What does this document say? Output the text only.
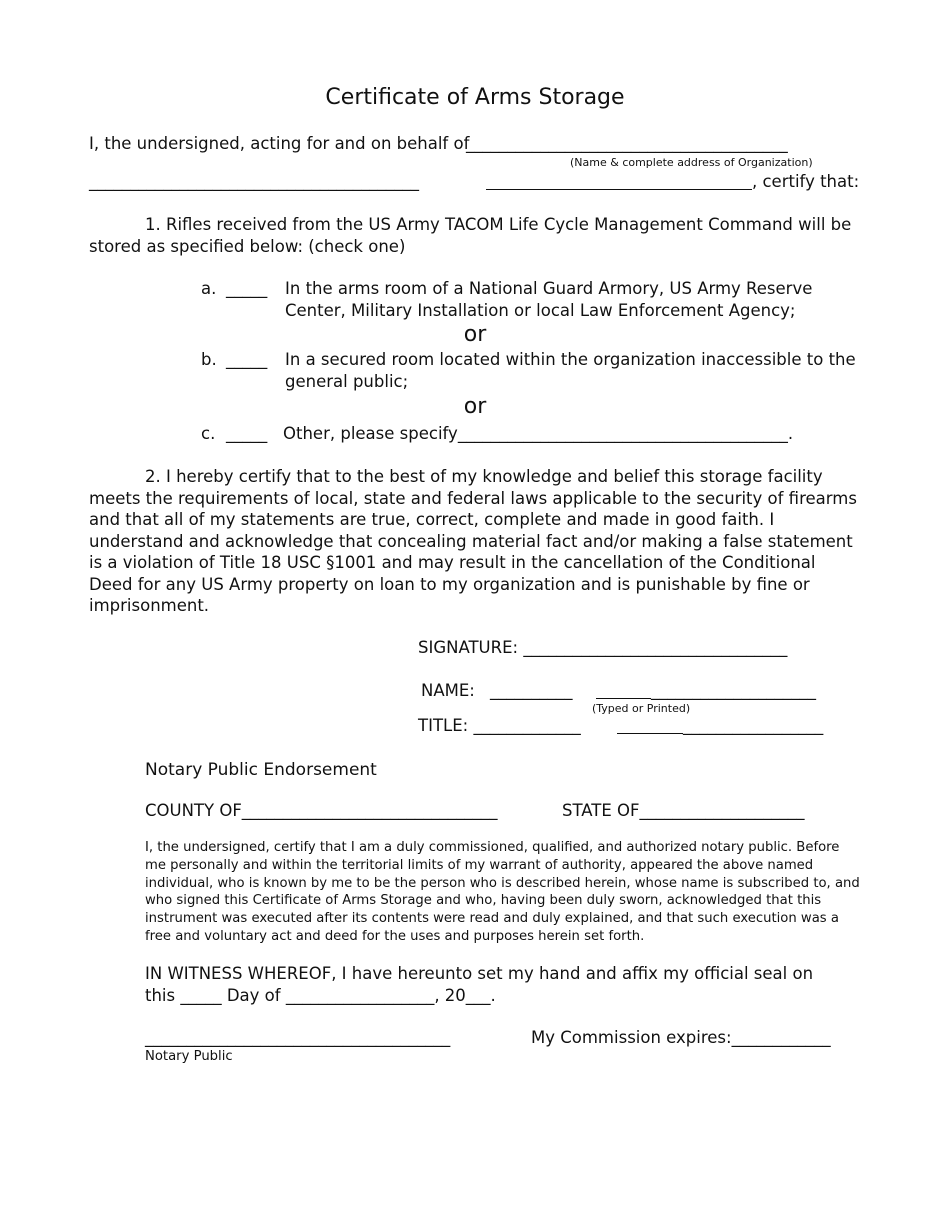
Certificate of Arms Storage
I, the undersigned, acting for and on behalf of
_______________________________________
(Name & complete address of Organization)
________________________________________	, certify that:
1. Rifles received from the US Army TACOM Life Cycle Management Command will be stored as specified below: (check one)
a. _____ In the arms room of a National Guard Armory, US Army Reserve Center, Military Installation or local Law Enforcement Agency;
or
b. _____ In a secured room located within the organization inaccessible to the general public;
or
c. _____ Other, please specify________________________________________.
2. I hereby certify that to the best of my knowledge and belief this storage facility meets the requirements of local, state and federal laws applicable to the security of firearms and that all of my statements are true, correct, complete and made in good faith. I understand and acknowledge that concealing material fact and/or making a false statement is a violation of Title 18 USC §1001 and may result in the cancellation of the Conditional Deed for any US Army property on loan to my organization and is punishable by fine or imprisonment.
SIGNATURE: ________________________________
NAME: __________	____________________
(Typed or Printed)
TITLE: _____________	_________________
Notary Public Endorsement
COUNTY OF_______________________________	STATE OF____________________
I, the undersigned, certify that I am a duly commissioned, qualified, and authorized notary public. Before me personally and within the territorial limits of my warrant of authority, appeared the above named individual, who is known by me to be the person who is described herein, whose name is subscribed to, and who signed this Certificate of Arms Storage and who, having been duly sworn, acknowledged that this instrument was executed after its contents were read and duly explained, and that such execution was a free and voluntary act and deed for the uses and purposes herein set forth.
IN WITNESS WHEREOF, I have hereunto set my hand and affix my official seal on
this _____ Day of __________________, 20___.
_____________________________________	My Commission expires:____________
Notary Public
